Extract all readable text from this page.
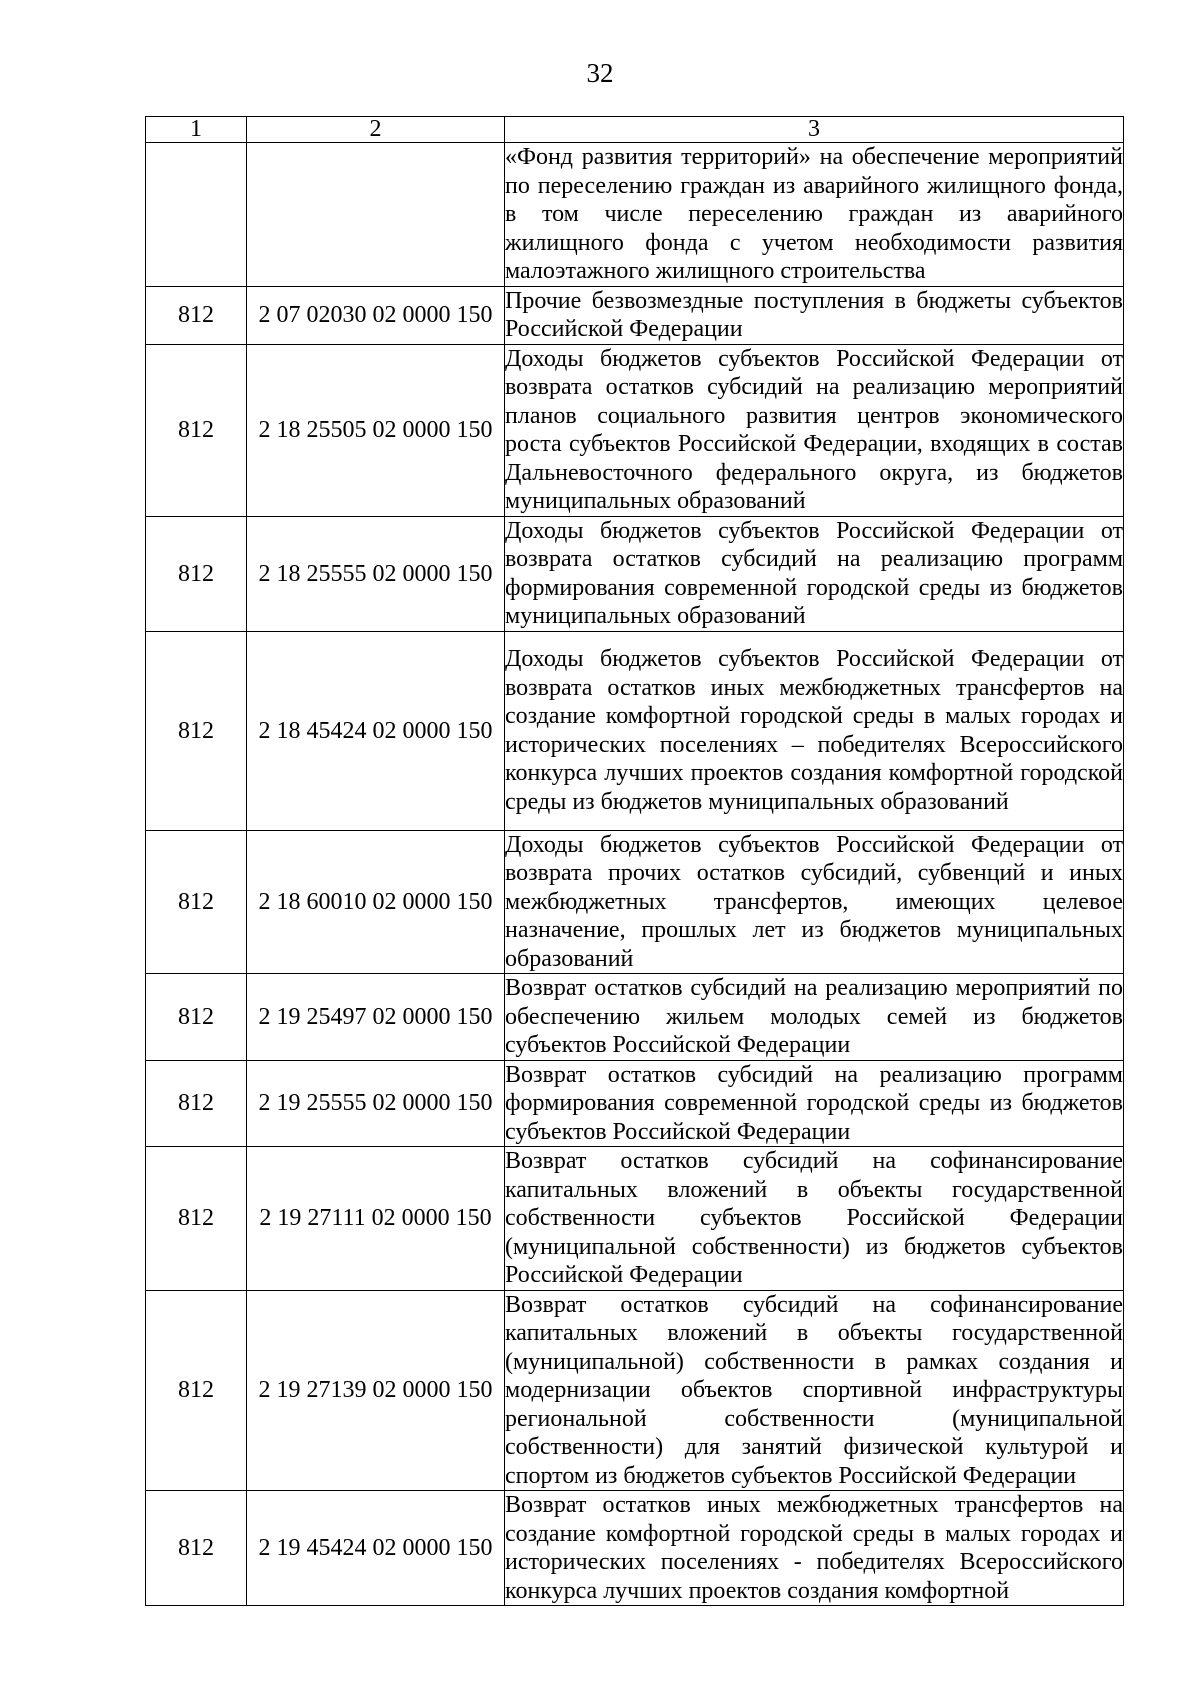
32
1	2	3
		«Фонд развития территорий» на обеспечение мероприятий по переселению граждан из аварийного жилищного фонда, в том числе переселению граждан из аварийного жилищного фонда с учетом необходимости развития малоэтажного жилищного строительства
812	2 07 02030 02 0000 150	Прочие безвозмездные поступления в бюджеты субъектов Российской Федерации
812	2 18 25505 02 0000 150	Доходы бюджетов субъектов Российской Федерации от возврата остатков субсидий на реализацию мероприятий планов социального развития центров экономического роста субъектов Российской Федерации, входящих в состав Дальневосточного федерального округа, из бюджетов муниципальных образований
812	2 18 25555 02 0000 150	Доходы бюджетов субъектов Российской Федерации от возврата остатков субсидий на реализацию программ формирования современной городской среды из бюджетов муниципальных образований
812	2 18 45424 02 0000 150	Доходы бюджетов субъектов Российской Федерации от возврата остатков иных межбюджетных трансфертов на создание комфортной городской среды в малых городах и исторических поселениях – победителях Всероссийского конкурса лучших проектов создания комфортной городской среды из бюджетов муниципальных образований
812	2 18 60010 02 0000 150	Доходы бюджетов субъектов Российской Федерации от возврата прочих остатков субсидий, субвенций и иных межбюджетных трансфертов, имеющих целевое назначение, прошлых лет из бюджетов муниципальных образований
812	2 19 25497 02 0000 150	Возврат остатков субсидий на реализацию мероприятий по обеспечению жильем молодых семей из бюджетов субъектов Российской Федерации
812	2 19 25555 02 0000 150	Возврат остатков субсидий на реализацию программ формирования современной городской среды из бюджетов субъектов Российской Федерации
812	2 19 27111 02 0000 150	Возврат остатков субсидий на софинансирование капитальных вложений в объекты государственной собственности субъектов Российской Федерации (муниципальной собственности) из бюджетов субъектов Российской Федерации
812	2 19 27139 02 0000 150	Возврат остатков субсидий на софинансирование капитальных вложений в объекты государственной (муниципальной) собственности в рамках создания и модернизации объектов спортивной инфраструктуры региональной собственности (муниципальной собственности) для занятий физической культурой и спортом из бюджетов субъектов Российской Федерации
812	2 19 45424 02 0000 150	Возврат остатков иных межбюджетных трансфертов на создание комфортной городской среды в малых городах и исторических поселениях - победителях Всероссийского конкурса лучших проектов создания комфортной
